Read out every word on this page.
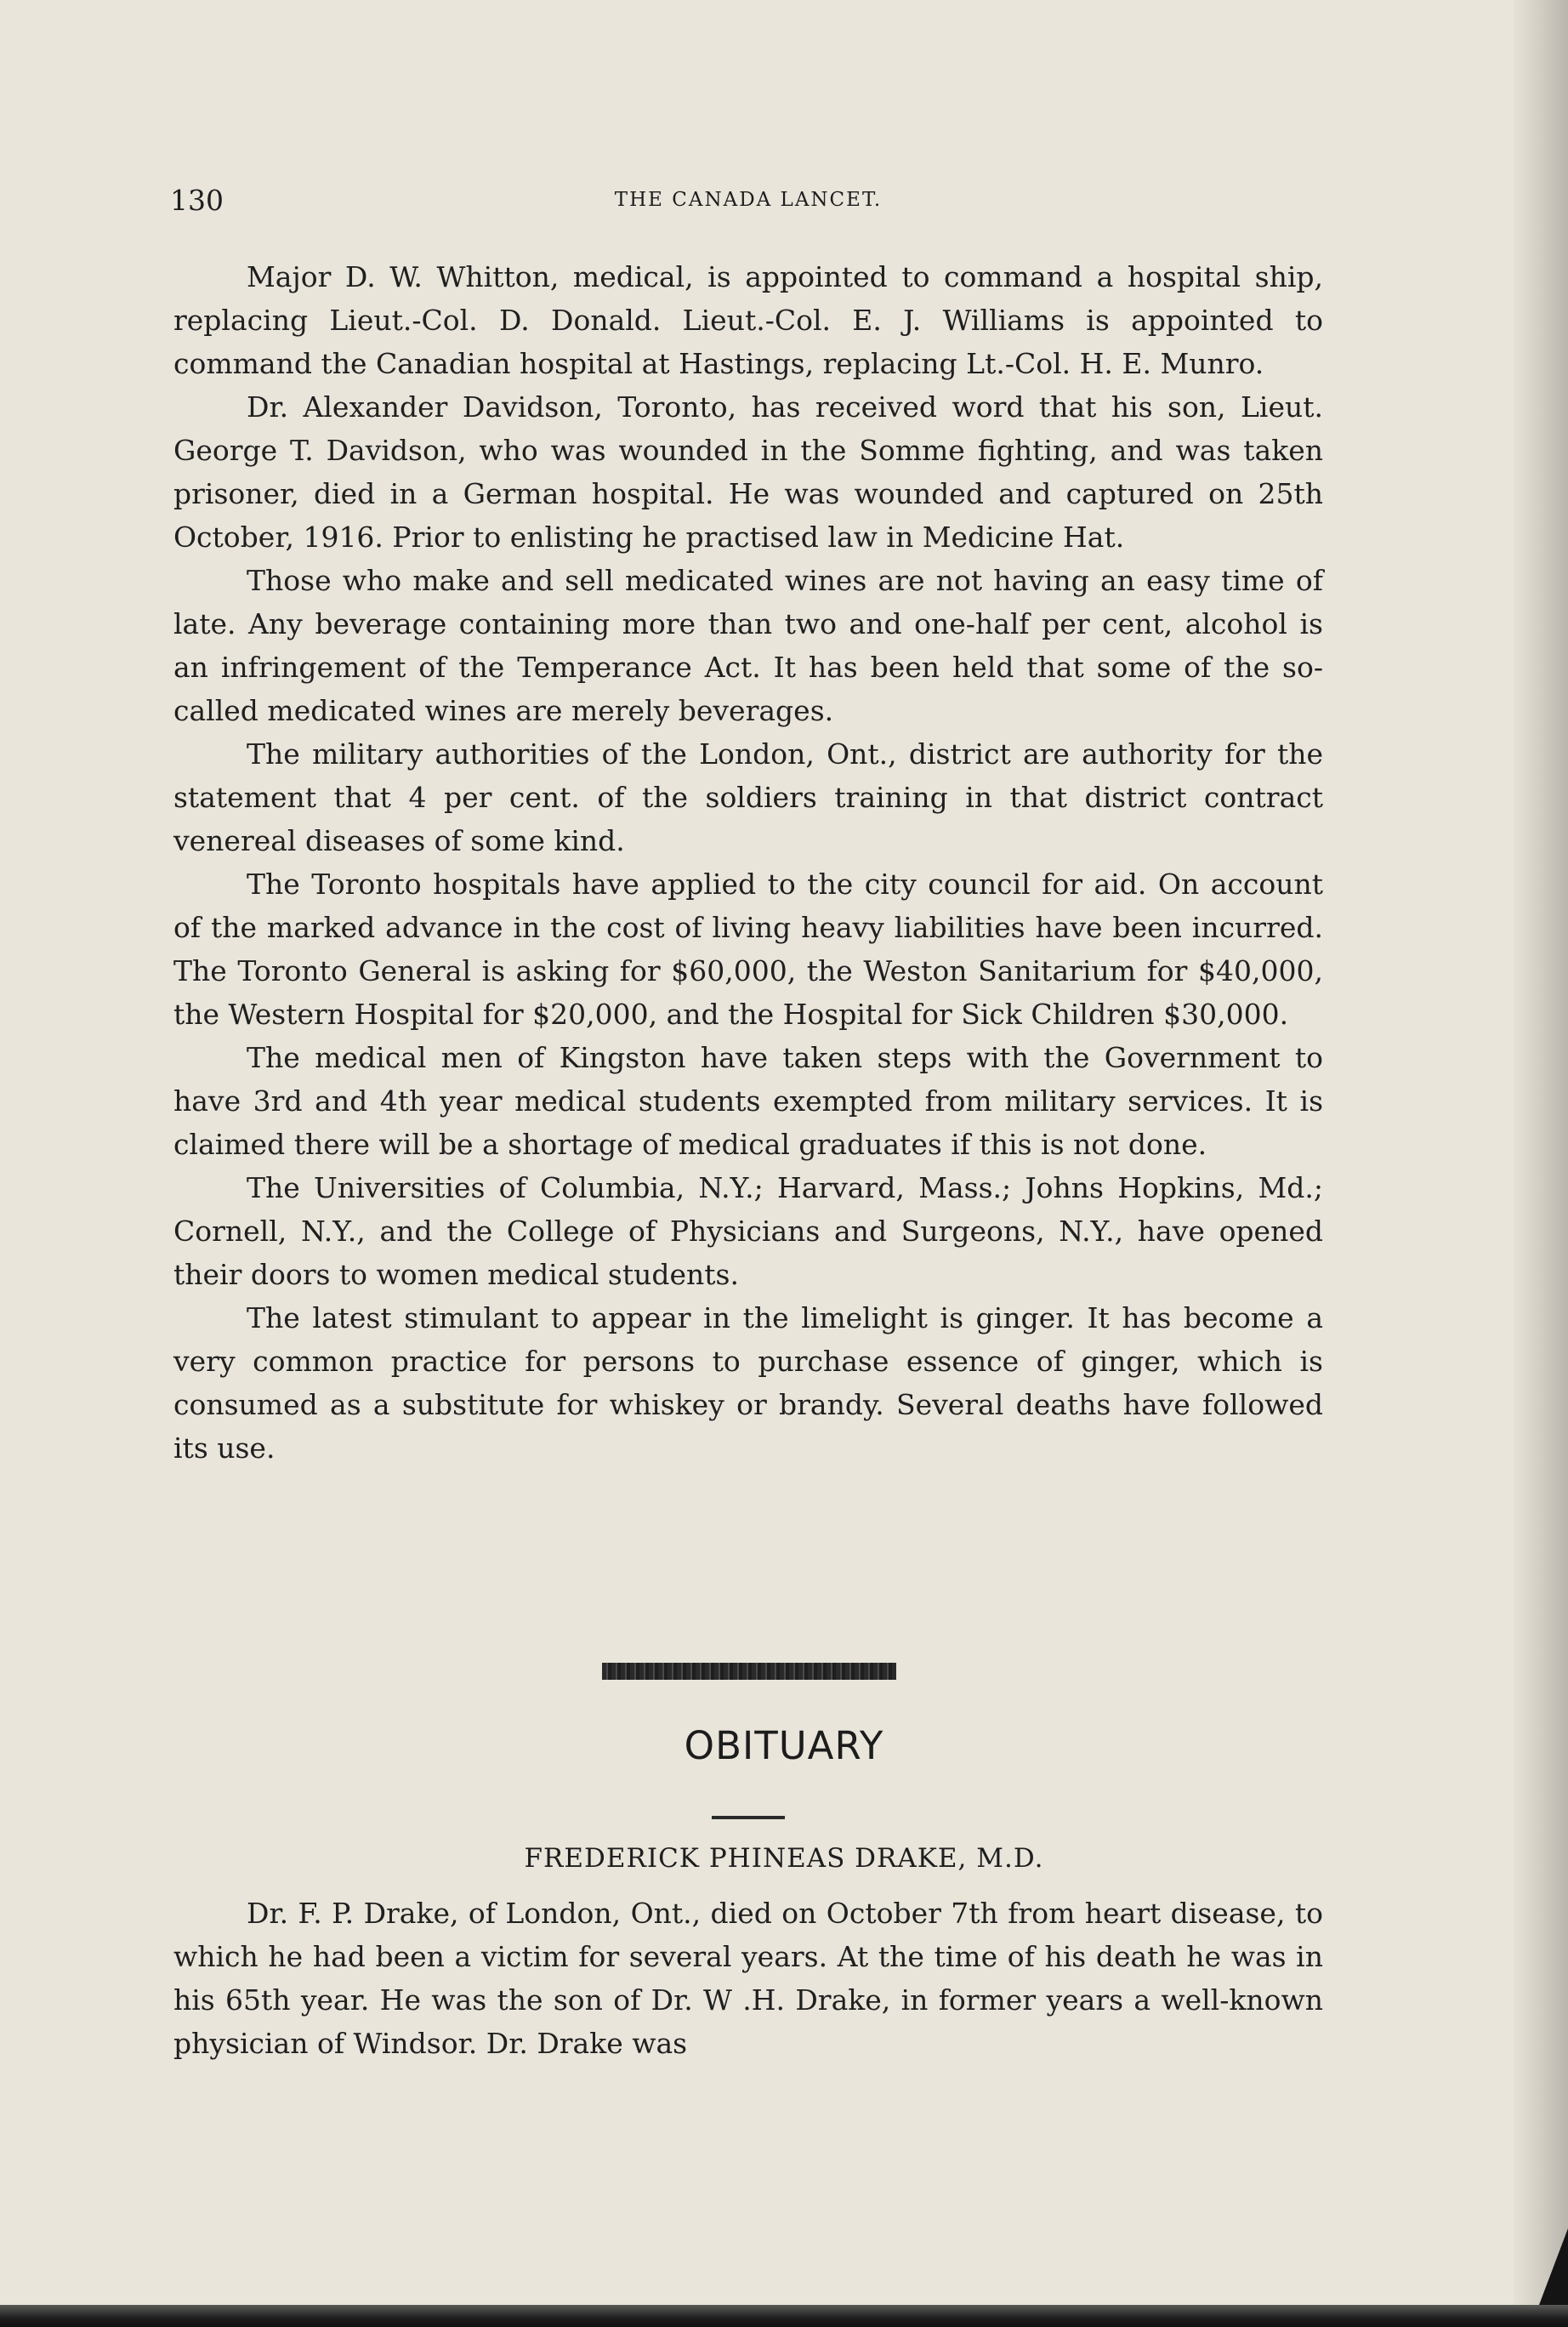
130	THE CANADA LANCET.

Major D. W. Whitton, medical, is appointed to command a hospital ship, replacing Lieut.-Col. D. Donald. Lieut.-Col. E. J. Williams is appointed to command the Canadian hospital at Hastings, replacing Lt.-Col. H. E. Munro.

Dr. Alexander Davidson, Toronto, has received word that his son, Lieut. George T. Davidson, who was wounded in the Somme fighting, and was taken prisoner, died in a German hospital. He was wounded and captured on 25th October, 1916. Prior to enlisting he practised law in Medicine Hat.

Those who make and sell medicated wines are not having an easy time of late. Any beverage containing more than two and one-half per cent, alcohol is an infringement of the Temperance Act. It has been held that some of the so-called medicated wines are merely beverages.

The military authorities of the London, Ont., district are authority for the statement that 4 per cent. of the soldiers training in that district contract venereal diseases of some kind.

The Toronto hospitals have applied to the city council for aid. On account of the marked advance in the cost of living heavy liabilities have been incurred. The Toronto General is asking for $60,000, the Weston Sanitarium for $40,000, the Western Hospital for $20,000, and the Hospital for Sick Children $30,000.

The medical men of Kingston have taken steps with the Government to have 3rd and 4th year medical students exempted from military services. It is claimed there will be a shortage of medical graduates if this is not done.

The Universities of Columbia, N.Y.; Harvard, Mass.; Johns Hopkins, Md.; Cornell, N.Y., and the College of Physicians and Surgeons, N.Y., have opened their doors to women medical students.

The latest stimulant to appear in the limelight is ginger. It has become a very common practice for persons to purchase essence of ginger, which is consumed as a substitute for whiskey or brandy. Several deaths have followed its use.

OBITUARY
FREDERICK PHINEAS DRAKE, M.D.

Dr. F. P. Drake, of London, Ont., died on October 7th from heart disease, to which he had been a victim for several years. At the time of his death he was in his 65th year. He was the son of Dr. W .H. Drake, in former years a well-known physician of Windsor. Dr. Drake was
